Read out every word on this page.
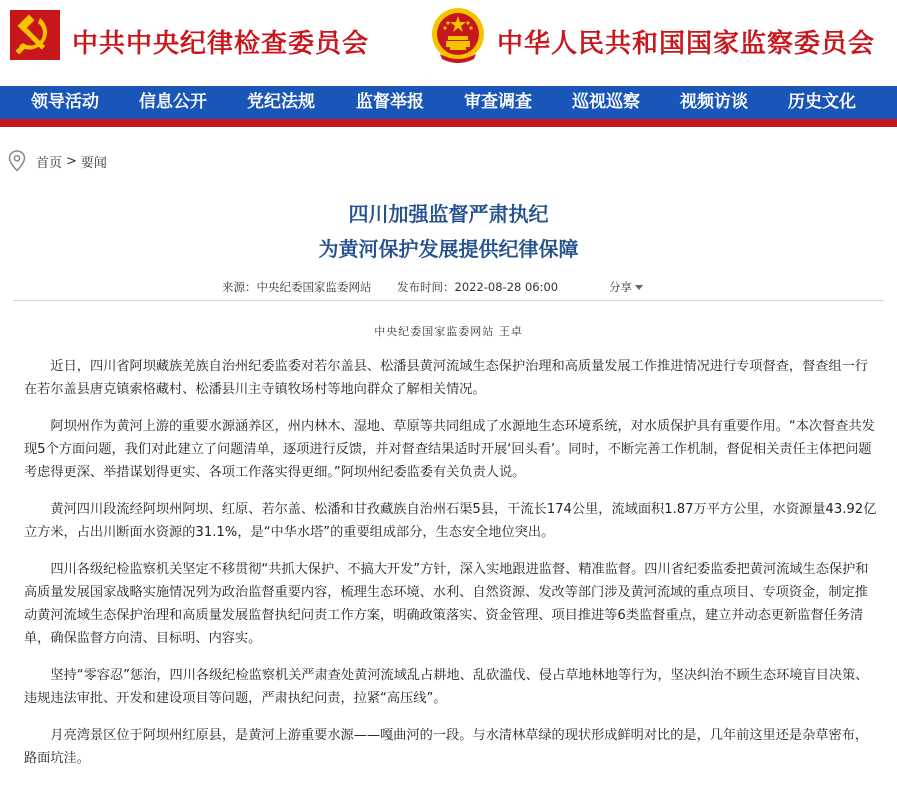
中共中央纪律检查委员会	中华人民共和国国家监察委员会
领导活动 信息公开 党纪法规 监督举报 审查调查 巡视巡察 视频访谈 历史文化
首页 > 要闻
四川加强监督严肃执纪
为黄河保护发展提供纪律保障
来源：中央纪委国家监委网站 发布时间：2022-08-28 06:00	分享
中央纪委国家监委网站 王卓

近日，四川省阿坝藏族羌族自治州纪委监委对若尔盖县、松潘县黄河流域生态保护治理和高质量发展工作推进情况进行专项督查，督查组一行在若尔盖县唐克镇索格藏村、松潘县川主寺镇牧场村等地向群众了解相关情况。

阿坝州作为黄河上游的重要水源涵养区，州内林木、湿地、草原等共同组成了水源地生态环境系统，对水质保护具有重要作用。“本次督查共发现5个方面问题，我们对此建立了问题清单，逐项进行反馈，并对督查结果适时开展‘回头看’。同时，不断完善工作机制，督促相关责任主体把问题考虑得更深、举措谋划得更实、各项工作落实得更细。”阿坝州纪委监委有关负责人说。

黄河四川段流经阿坝州阿坝、红原、若尔盖、松潘和甘孜藏族自治州石渠5县，干流长174公里，流域面积1.87万平方公里，水资源量43.92亿立方米，占出川断面水资源的31.1%，是“中华水塔”的重要组成部分，生态安全地位突出。

四川各级纪检监察机关坚定不移贯彻“共抓大保护、不搞大开发”方针，深入实地跟进监督、精准监督。四川省纪委监委把黄河流域生态保护和高质量发展国家战略实施情况列为政治监督重要内容，梳理生态环境、水利、自然资源、发改等部门涉及黄河流域的重点项目、专项资金，制定推动黄河流域生态保护治理和高质量发展监督执纪问责工作方案，明确政策落实、资金管理、项目推进等6类监督重点，建立并动态更新监督任务清单，确保监督方向清、目标明、内容实。

坚持“零容忍”惩治，四川各级纪检监察机关严肃查处黄河流域乱占耕地、乱砍滥伐、侵占草地林地等行为，坚决纠治不顾生态环境盲目决策、违规违法审批、开发和建设项目等问题，严肃执纪问责，拉紧“高压线”。

月亮湾景区位于阿坝州红原县，是黄河上游重要水源——嘎曲河的一段。与水清林草绿的现状形成鲜明对比的是，几年前这里还是杂草密布，路面坑洼。
